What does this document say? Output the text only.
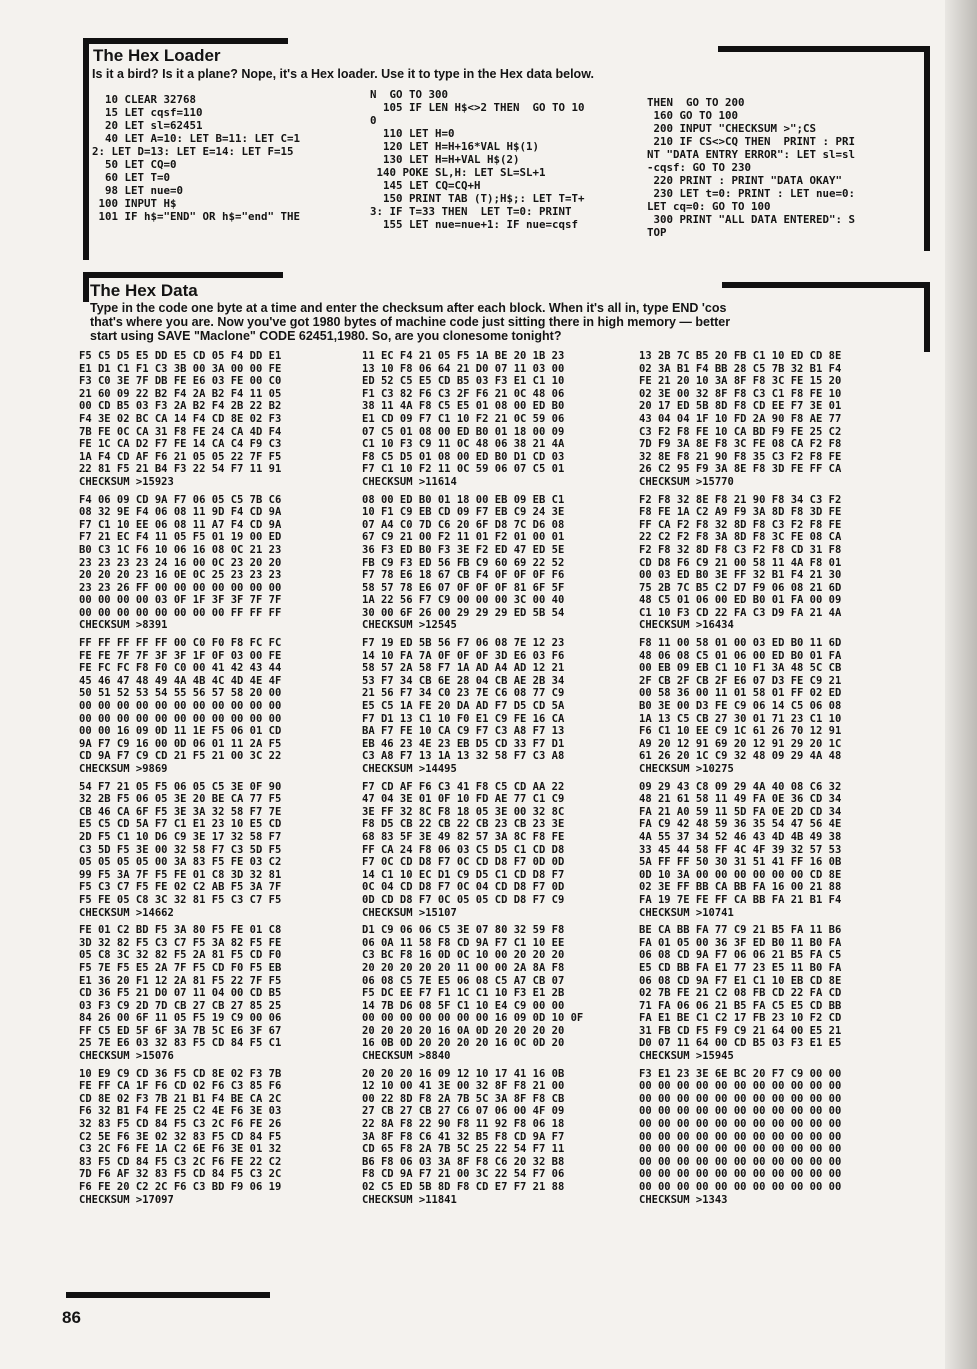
The Hex Loader

Is it a bird? Is it a plane? Nope, it's a Hex loader. Use it to type in the Hex data below.

10 CLEAR 32768
15 LET cqsf=110
20 LET sl=62451
40 LET A=10: LET B=11: LET C=1
2: LET D=13: LET E=14: LET F=15
50 LET CQ=0
60 LET T=0
98 LET nue=0
100 INPUT H$
101 IF h$="END" OR h$="end" THE
N  GO TO 300
105 IF LEN H$<>2 THEN  GO TO 10
0
110 LET H=0
120 LET H=H+16*VAL H$(1)
130 LET H=H+VAL H$(2)
140 POKE SL,H: LET SL=SL+1
145 LET CQ=CQ+H
150 PRINT TAB (T);H$;: LET T=T+
3: IF T=33 THEN  LET T=0: PRINT
155 LET nue=nue+1: IF nue=cqsf
THEN  GO TO 200
160 GO TO 100
200 INPUT "CHECKSUM >";CS
210 IF CS<>CQ THEN  PRINT : PRI
NT "DATA ENTRY ERROR": LET sl=sl
-cqsf: GO TO 230
220 PRINT : PRINT "DATA OKAY"
230 LET t=0: PRINT : LET nue=0:
LET cq=0: GO TO 100
300 PRINT "ALL DATA ENTERED": S
TOP
The Hex Data

Type in the code one byte at a time and enter the checksum after each block. When it's all in, type END 'cos

that's where you are. Now you've got 1980 bytes of machine code just sitting there in high memory — better

start using SAVE "Maclone" CODE 62451,1980. So, are you clonesome tonight?

F5 C5 D5 E5 DD E5 CD 05 F4 DD E1
E1 D1 C1 F1 C3 3B 00 3A 00 00 FE
F3 C0 3E 7F DB FE E6 03 FE 00 C0
21 60 09 22 B2 F4 2A B2 F4 11 05
00 CD B5 03 F3 2A B2 F4 2B 22 B2
F4 3E 02 BC CA 14 F4 CD 8E 02 F3
7B FE 0C CA 31 F8 FE 24 CA 4D F4
FE 1C CA D2 F7 FE 14 CA C4 F9 C3
1A F4 CD AF F6 21 05 05 22 7F F5
22 81 F5 21 B4 F3 22 54 F7 11 91
CHECKSUM >15923

F4 06 09 CD 9A F7 06 05 C5 7B C6
08 32 9E F4 06 08 11 9D F4 CD 9A
F7 C1 10 EE 06 08 11 A7 F4 CD 9A
F7 21 EC F4 11 05 F5 01 19 00 ED
B0 C3 1C F6 10 06 16 08 0C 21 23
23 23 23 23 24 16 00 0C 23 20 20
20 20 20 23 16 0E 0C 25 23 23 23
23 23 26 FF 00 00 00 00 00 00 00
00 00 00 00 03 0F 1F 3F 3F 7F 7F
00 00 00 00 00 00 00 00 FF FF FF
CHECKSUM >8391

FF FF FF FF FF 00 C0 F0 F8 FC FC
FE FE 7F 7F 3F 3F 1F 0F 03 00 FE
FE FC FC F8 F0 C0 00 41 42 43 44
45 46 47 48 49 4A 4B 4C 4D 4E 4F
50 51 52 53 54 55 56 57 58 20 00
00 00 00 00 00 00 00 00 00 00 00
00 00 00 00 00 00 00 00 00 00 00
00 00 16 09 0D 11 1E F5 06 01 CD
9A F7 C9 16 00 0D 06 01 11 2A F5
CD 9A F7 C9 CD 21 F5 21 00 3C 22
CHECKSUM >9869

54 F7 21 05 F5 06 05 C5 3E 0F 90
32 2B F5 06 05 3E 20 BE CA 77 F5
CB 46 CA 6F F5 3E 3A 32 58 F7 7E
E5 C5 CD 5A F7 C1 E1 23 10 E5 CD
2D F5 C1 10 D6 C9 3E 17 32 58 F7
C3 5D F5 3E 00 32 58 F7 C3 5D F5
05 05 05 05 00 3A 83 F5 FE 03 C2
99 F5 3A 7F F5 FE 01 C8 3D 32 81
F5 C3 C7 F5 FE 02 C2 AB F5 3A 7F
F5 FE 05 C8 3C 32 81 F5 C3 C7 F5
CHECKSUM >14662

FE 01 C2 BD F5 3A 80 F5 FE 01 C8
3D 32 82 F5 C3 C7 F5 3A 82 F5 FE
05 C8 3C 32 82 F5 2A 81 F5 CD F0
F5 7E F5 E5 2A 7F F5 CD F0 F5 EB
E1 36 20 F1 12 2A 81 F5 22 7F F5
CD 36 F5 21 D0 07 11 04 00 CD B5
03 F3 C9 2D 7D CB 27 CB 27 85 25
84 26 00 6F 11 05 F5 19 C9 00 06
FF C5 ED 5F 6F 3A 7B 5C E6 3F 67
25 7E E6 03 32 83 F5 CD 84 F5 C1
CHECKSUM >15076

10 E9 C9 CD 36 F5 CD 8E 02 F3 7B
FE FF CA 1F F6 CD 02 F6 C3 85 F6
CD 8E 02 F3 7B 21 B1 F4 BE CA 2C
F6 32 B1 F4 FE 25 C2 4E F6 3E 03
32 83 F5 CD 84 F5 C3 2C F6 FE 26
C2 5E F6 3E 02 32 83 F5 CD 84 F5
C3 2C F6 FE 1A C2 6E F6 3E 01 32
83 F5 CD 84 F5 C3 2C F6 FE 22 C2
7D F6 AF 32 83 F5 CD 84 F5 C3 2C
F6 FE 20 C2 2C F6 C3 BD F9 06 19
CHECKSUM >17097
11 EC F4 21 05 F5 1A BE 20 1B 23
13 10 F8 06 64 21 D0 07 11 03 00
ED 52 C5 E5 CD B5 03 F3 E1 C1 10
F1 C3 82 F6 C3 2F F6 21 0C 48 06
38 11 4A F8 C5 E5 01 08 00 ED B0
E1 CD 09 F7 C1 10 F2 21 0C 59 06
07 C5 01 08 00 ED B0 01 18 00 09
C1 10 F3 C9 11 0C 48 06 38 21 4A
F8 C5 D5 01 08 00 ED B0 D1 CD 03
F7 C1 10 F2 11 0C 59 06 07 C5 01
CHECKSUM >11614

08 00 ED B0 01 18 00 EB 09 EB C1
10 F1 C9 EB CD 09 F7 EB C9 24 3E
07 A4 C0 7D C6 20 6F D8 7C D6 08
67 C9 21 00 F2 11 01 F2 01 00 01
36 F3 ED B0 F3 3E F2 ED 47 ED 5E
FB C9 F3 ED 56 FB C9 60 69 22 52
F7 78 E6 18 67 CB F4 0F 0F 0F F6
58 57 78 E6 07 0F 0F 0F 81 6F 5F
1A 22 56 F7 C9 00 00 00 3C 00 40
30 00 6F 26 00 29 29 29 ED 5B 54
CHECKSUM >12545

F7 19 ED 5B 56 F7 06 08 7E 12 23
14 10 FA 7A 0F 0F 0F 3D E6 03 F6
58 57 2A 58 F7 1A AD A4 AD 12 21
53 F7 34 CB 6E 28 04 CB AE 2B 34
21 56 F7 34 C0 23 7E C6 08 77 C9
E5 C5 1A FE 20 DA AD F7 D5 CD 5A
F7 D1 13 C1 10 F0 E1 C9 FE 16 CA
BA F7 FE 10 CA C9 F7 C3 A8 F7 13
EB 46 23 4E 23 EB D5 CD 33 F7 D1
C3 A8 F7 13 1A 13 32 58 F7 C3 A8
CHECKSUM >14495

F7 CD AF F6 C3 41 F8 C5 CD AA 22
47 04 3E 01 0F 10 FD AE 77 C1 C9
3E FF 32 8C F8 18 05 3E 00 32 8C
F8 D5 CB 22 CB 22 CB 23 CB 23 3E
68 83 5F 3E 49 82 57 3A 8C F8 FE
FF CA 24 F8 06 03 C5 D5 C1 CD D8
F7 0C CD D8 F7 0C CD D8 F7 0D 0D
14 C1 10 EC D1 C9 D5 C1 CD D8 F7
0C 04 CD D8 F7 0C 04 CD D8 F7 0D
0D CD D8 F7 0C 05 05 CD D8 F7 C9
CHECKSUM >15107

D1 C9 06 06 C5 3E 07 80 32 59 F8
06 0A 11 58 F8 CD 9A F7 C1 10 EE
C3 BC F8 16 0D 0C 10 00 20 20 20
20 20 20 20 20 11 00 00 2A 8A F8
06 08 C5 7E E5 06 08 C5 A7 CB 07
F5 DC EE F7 F1 1C C1 10 F3 E1 2B
14 7B D6 08 5F C1 10 E4 C9 00 00
00 00 00 00 00 00 00 16 09 0D 10 0F
20 20 20 20 16 0A 0D 20 20 20 20
16 0B 0D 20 20 20 20 16 0C 0D 20
CHECKSUM >8840

20 20 20 16 09 12 10 17 41 16 0B
12 10 00 41 3E 00 32 8F F8 21 00
00 22 8D F8 2A 7B 5C 3A 8F F8 CB
27 CB 27 CB 27 C6 07 06 00 4F 09
22 8A F8 22 90 F8 11 92 F8 06 18
3A 8F F8 C6 41 32 B5 F8 CD 9A F7
CD 65 F8 2A 7B 5C 25 22 54 F7 11
B6 F8 06 03 3A 8F F8 C6 20 32 B8
F8 CD 9A F7 21 00 3C 22 54 F7 06
02 C5 ED 5B 8D F8 CD E7 F7 21 88
CHECKSUM >11841
13 2B 7C B5 20 FB C1 10 ED CD 8E
02 3A B1 F4 BB 28 C5 7B 32 B1 F4
FE 21 20 10 3A 8F F8 3C FE 15 20
02 3E 00 32 8F F8 C3 C1 F8 FE 10
20 17 ED 5B 8D F8 CD EE F7 3E 01
43 04 04 1F 10 FD 2A 90 F8 AE 77
C3 F2 F8 FE 10 CA BD F9 FE 25 C2
7D F9 3A 8E F8 3C FE 08 CA F2 F8
32 8E F8 21 90 F8 35 C3 F2 F8 FE
26 C2 95 F9 3A 8E F8 3D FE FF CA
CHECKSUM >15770

F2 F8 32 8E F8 21 90 F8 34 C3 F2
F8 FE 1A C2 A9 F9 3A 8D F8 3D FE
FF CA F2 F8 32 8D F8 C3 F2 F8 FE
22 C2 F2 F8 3A 8D F8 3C FE 08 CA
F2 F8 32 8D F8 C3 F2 F8 CD 31 F8
CD D8 F6 C9 21 00 58 11 4A F8 01
00 03 ED B0 3E FF 32 B1 F4 21 30
75 2B 7C B5 C2 D7 F9 06 08 21 6D
48 C5 01 06 00 ED B0 01 FA 00 09
C1 10 F3 CD 22 FA C3 D9 FA 21 4A
CHECKSUM >16434

F8 11 00 58 01 00 03 ED B0 11 6D
48 06 08 C5 01 06 00 ED B0 01 FA
00 EB 09 EB C1 10 F1 3A 48 5C CB
2F CB 2F CB 2F E6 07 D3 FE C9 21
00 58 36 00 11 01 58 01 FF 02 ED
B0 3E 00 D3 FE C9 06 14 C5 06 08
1A 13 C5 CB 27 30 01 71 23 C1 10
F6 C1 10 EE C9 1C 61 26 70 12 91
A9 20 12 91 69 20 12 91 29 20 1C
61 26 20 1C C9 32 48 09 29 4A 48
CHECKSUM >10275

09 29 43 C8 09 29 4A 40 08 C6 32
48 21 61 58 11 49 FA 0E 36 CD 34
FA 21 A0 59 11 5D FA 0E 2D CD 34
FA C9 42 48 59 36 35 54 47 56 4E
4A 55 37 34 52 46 43 4D 4B 49 38
33 45 44 58 FF 4C 4F 39 32 57 53
5A FF FF 50 30 31 51 41 FF 16 0B
0D 10 3A 00 00 00 00 00 00 CD 8E
02 3E FF BB CA BB FA 16 00 21 88
FA 19 7E FE FF CA BB FA 21 B1 F4
CHECKSUM >10741

BE CA BB FA 77 C9 21 B5 FA 11 B6
FA 01 05 00 36 3F ED B0 11 B0 FA
06 08 CD 9A F7 06 06 21 B5 FA C5
E5 CD BB FA E1 77 23 E5 11 B0 FA
06 08 CD 9A F7 E1 C1 10 EB CD 8E
02 7B FE 21 C2 08 FB CD 22 FA CD
71 FA 06 06 21 B5 FA C5 E5 CD BB
FA E1 BE C1 C2 17 FB 23 10 F2 CD
31 FB CD F5 F9 C9 21 64 00 E5 21
D0 07 11 64 00 CD B5 03 F3 E1 E5
CHECKSUM >15945

F3 E1 23 3E 6E BC 20 F7 C9 00 00
00 00 00 00 00 00 00 00 00 00 00
00 00 00 00 00 00 00 00 00 00 00
00 00 00 00 00 00 00 00 00 00 00
00 00 00 00 00 00 00 00 00 00 00
00 00 00 00 00 00 00 00 00 00 00
00 00 00 00 00 00 00 00 00 00 00
00 00 00 00 00 00 00 00 00 00 00
00 00 00 00 00 00 00 00 00 00 00
00 00 00 00 00 00 00 00 00 00 00
CHECKSUM >1343
86
